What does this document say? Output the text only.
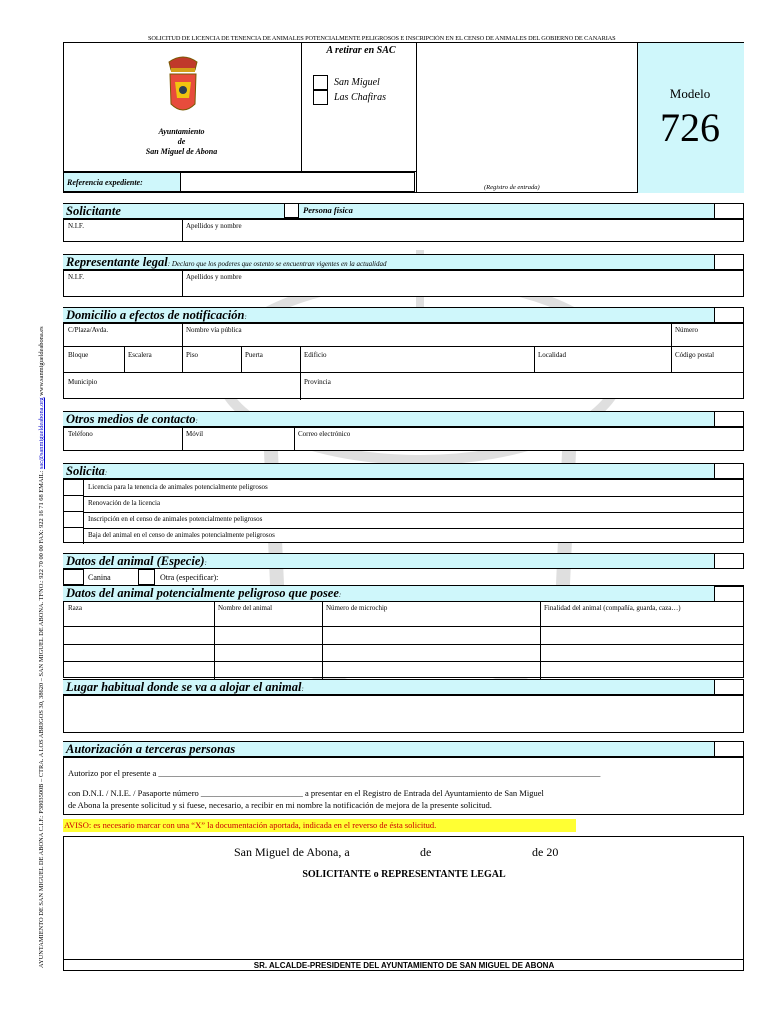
SOLICITUD DE LICENCIA DE TENENCIA DE ANIMALES POTENCIALMENTE PELIGROSOS E INSCRIPCIÓN EN EL CENSO DE ANIMALES DEL GOBIERNO DE CANARIAS
AYUNTAMIENTO DE SAN MIGUEL DE ABONA C.I.F.: P3803500B – CTRA. A LOS ABRIGOS 30, 38620 – SAN MIGUEL DE ABONA. TFNO.: 922 70 00 00 FAX: 922 16 71 68 EMAIL: sac@sanmigueldeabona.org www.sanmigueldeabona.es
Ayuntamiento
de
San Miguel de Abona
A retirar en SAC
San Miguel
Las Chafiras	Modelo
726
Referencia expediente:
(Registro de entrada)
Solicitante	Persona física
N.I.F.	Apellidos y nombre
Representante legal: Declaro que los poderes que ostento se encuentran vigentes en la actualidad
N.I.F.	Apellidos y nombre
Domicilio a efectos de notificación:
C/Plaza/Avda.	Nombre vía pública	Número
Bloque	Escalera	Piso	Puerta	Edificio	Localidad	Código postal
Municipio	Provincia
Otros medios de contacto:
Teléfono	Móvil	Correo electrónico
Solicita:
Licencia para la tenencia de animales potencialmente peligrosos
Renovación de la licencia
Inscripción en el censo de animales potencialmente peligrosos
Baja del animal en el censo de animales potencialmente peligrosos
Datos del animal (Especie):
Canina	Otra (especificar):
Datos del animal potencialmente peligroso que posee:
Raza	Nombre del animal	Número de microchip	Finalidad del animal (compañía, guarda, caza…)
Lugar habitual donde se va a alojar el animal:
Autorización a terceras personas
Autorizo por el presente a ________________________________________________________________________________________________________
con D.N.I. / N.I.E. / Pasaporte número ________________________ a presentar en el Registro de Entrada del Ayuntamiento de San Miguel
de Abona la presente solicitud y si fuese, necesario, a recibir en mi nombre la notificación de mejora de la presente solicitud.
AVISO: es necesario marcar con una “X” la documentación aportada, indicada en el reverso de ésta solicitud.
San Miguel de Abona, a	de	de 20
SOLICITANTE o REPRESENTANTE LEGAL
SR. ALCALDE-PRESIDENTE DEL AYUNTAMIENTO DE SAN MIGUEL DE ABONA
